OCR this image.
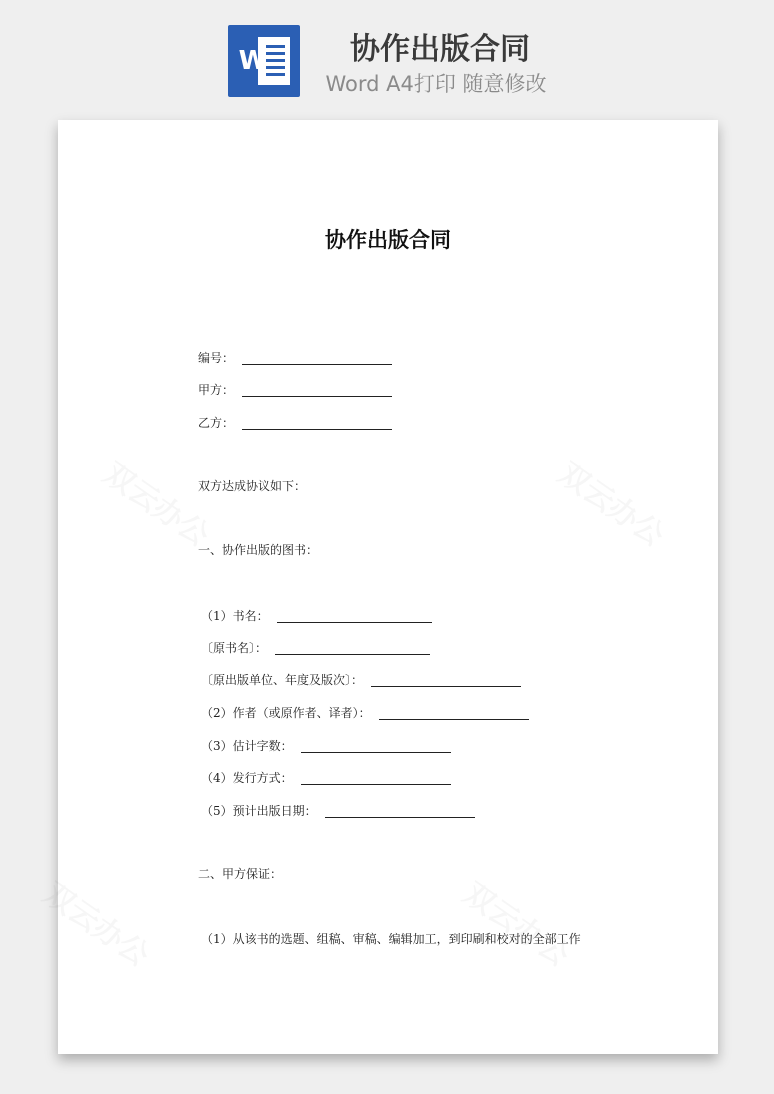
W	协作出版合同
Word A4打印 随意修改
协作出版合同
编号：
甲方：
乙方：
双方达成协议如下：
一、协作出版的图书：
（1）书名：
〔原书名〕：
〔原出版单位、年度及版次〕：
（2）作者（或原作者、译者）：
（3）估计字数：
（4）发行方式：
（5）预计出版日期：
二、甲方保证：
（1）从该书的选题、组稿、审稿、编辑加工，到印刷和校对的全部工作
